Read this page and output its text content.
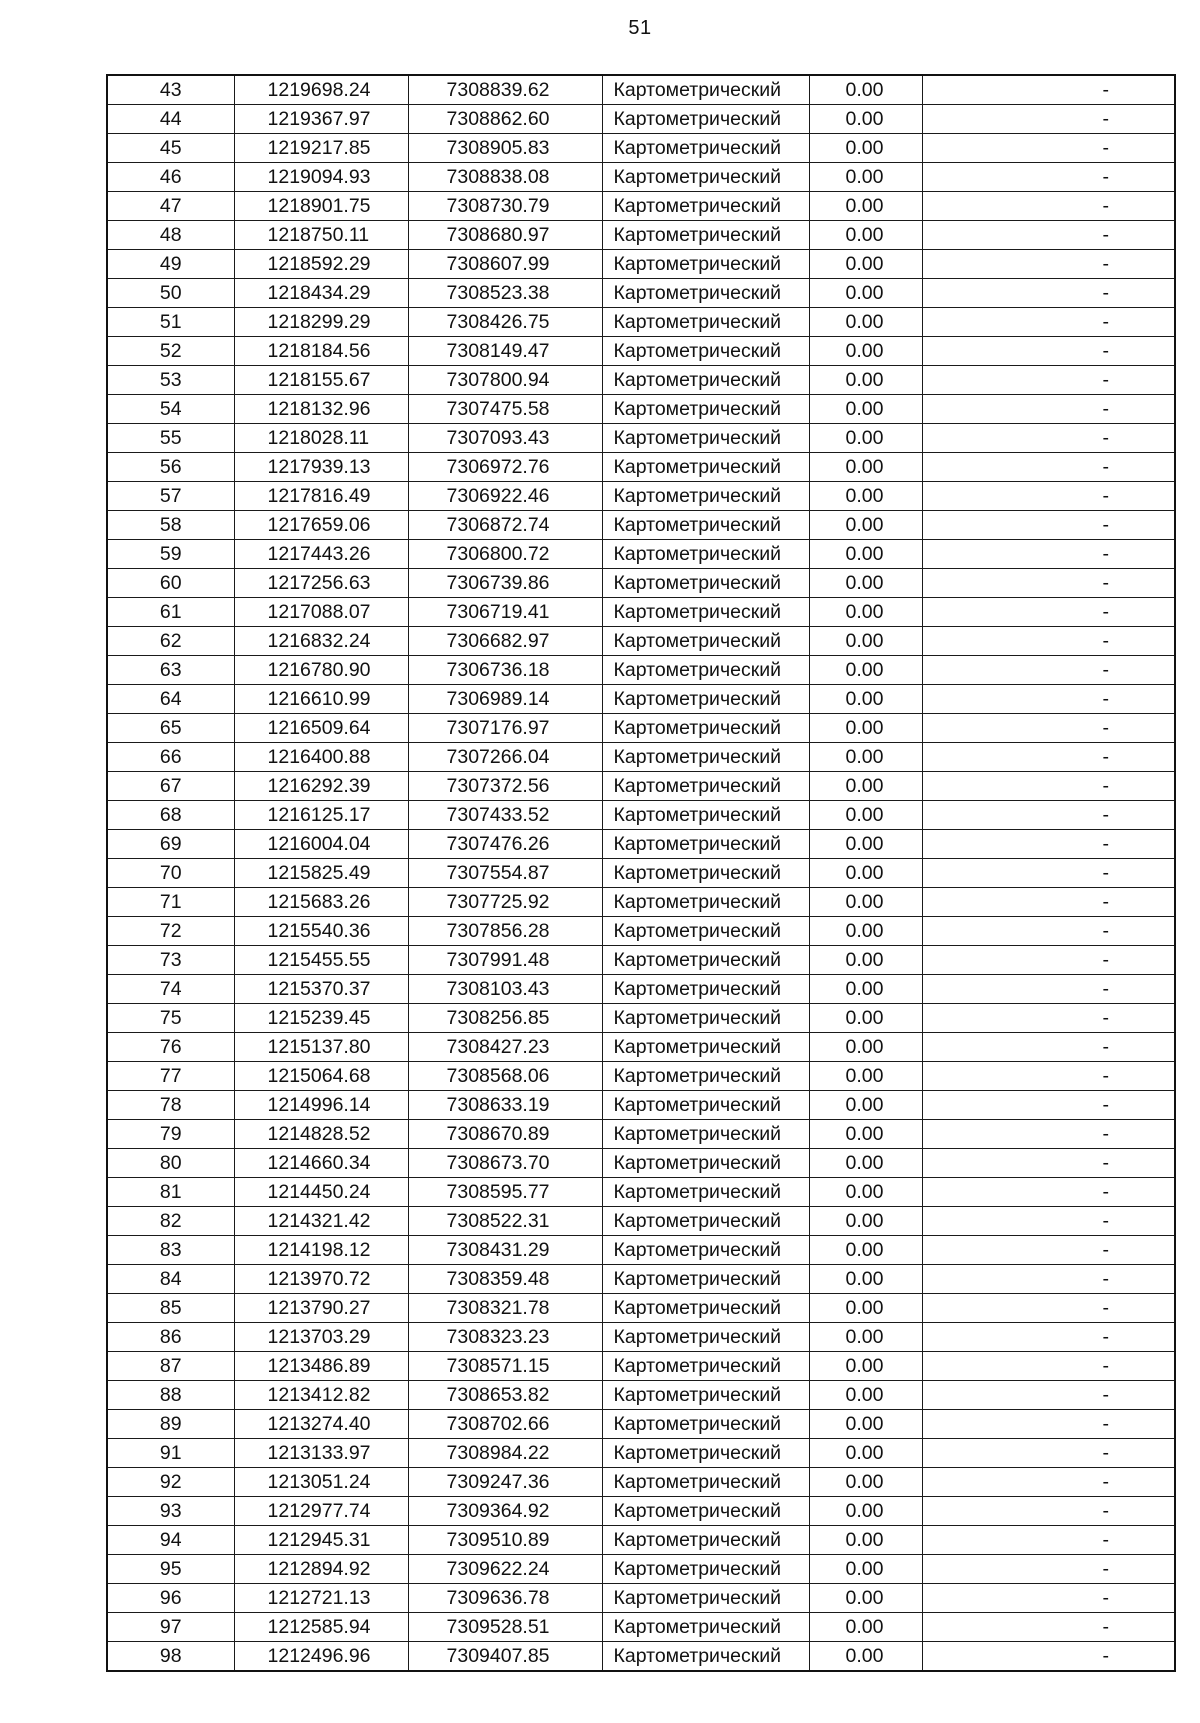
51
43	1219698.24	7308839.62	Картометрический	0.00	-
44	1219367.97	7308862.60	Картометрический	0.00	-
45	1219217.85	7308905.83	Картометрический	0.00	-
46	1219094.93	7308838.08	Картометрический	0.00	-
47	1218901.75	7308730.79	Картометрический	0.00	-
48	1218750.11	7308680.97	Картометрический	0.00	-
49	1218592.29	7308607.99	Картометрический	0.00	-
50	1218434.29	7308523.38	Картометрический	0.00	-
51	1218299.29	7308426.75	Картометрический	0.00	-
52	1218184.56	7308149.47	Картометрический	0.00	-
53	1218155.67	7307800.94	Картометрический	0.00	-
54	1218132.96	7307475.58	Картометрический	0.00	-
55	1218028.11	7307093.43	Картометрический	0.00	-
56	1217939.13	7306972.76	Картометрический	0.00	-
57	1217816.49	7306922.46	Картометрический	0.00	-
58	1217659.06	7306872.74	Картометрический	0.00	-
59	1217443.26	7306800.72	Картометрический	0.00	-
60	1217256.63	7306739.86	Картометрический	0.00	-
61	1217088.07	7306719.41	Картометрический	0.00	-
62	1216832.24	7306682.97	Картометрический	0.00	-
63	1216780.90	7306736.18	Картометрический	0.00	-
64	1216610.99	7306989.14	Картометрический	0.00	-
65	1216509.64	7307176.97	Картометрический	0.00	-
66	1216400.88	7307266.04	Картометрический	0.00	-
67	1216292.39	7307372.56	Картометрический	0.00	-
68	1216125.17	7307433.52	Картометрический	0.00	-
69	1216004.04	7307476.26	Картометрический	0.00	-
70	1215825.49	7307554.87	Картометрический	0.00	-
71	1215683.26	7307725.92	Картометрический	0.00	-
72	1215540.36	7307856.28	Картометрический	0.00	-
73	1215455.55	7307991.48	Картометрический	0.00	-
74	1215370.37	7308103.43	Картометрический	0.00	-
75	1215239.45	7308256.85	Картометрический	0.00	-
76	1215137.80	7308427.23	Картометрический	0.00	-
77	1215064.68	7308568.06	Картометрический	0.00	-
78	1214996.14	7308633.19	Картометрический	0.00	-
79	1214828.52	7308670.89	Картометрический	0.00	-
80	1214660.34	7308673.70	Картометрический	0.00	-
81	1214450.24	7308595.77	Картометрический	0.00	-
82	1214321.42	7308522.31	Картометрический	0.00	-
83	1214198.12	7308431.29	Картометрический	0.00	-
84	1213970.72	7308359.48	Картометрический	0.00	-
85	1213790.27	7308321.78	Картометрический	0.00	-
86	1213703.29	7308323.23	Картометрический	0.00	-
87	1213486.89	7308571.15	Картометрический	0.00	-
88	1213412.82	7308653.82	Картометрический	0.00	-
89	1213274.40	7308702.66	Картометрический	0.00	-
91	1213133.97	7308984.22	Картометрический	0.00	-
92	1213051.24	7309247.36	Картометрический	0.00	-
93	1212977.74	7309364.92	Картометрический	0.00	-
94	1212945.31	7309510.89	Картометрический	0.00	-
95	1212894.92	7309622.24	Картометрический	0.00	-
96	1212721.13	7309636.78	Картометрический	0.00	-
97	1212585.94	7309528.51	Картометрический	0.00	-
98	1212496.96	7309407.85	Картометрический	0.00	-
